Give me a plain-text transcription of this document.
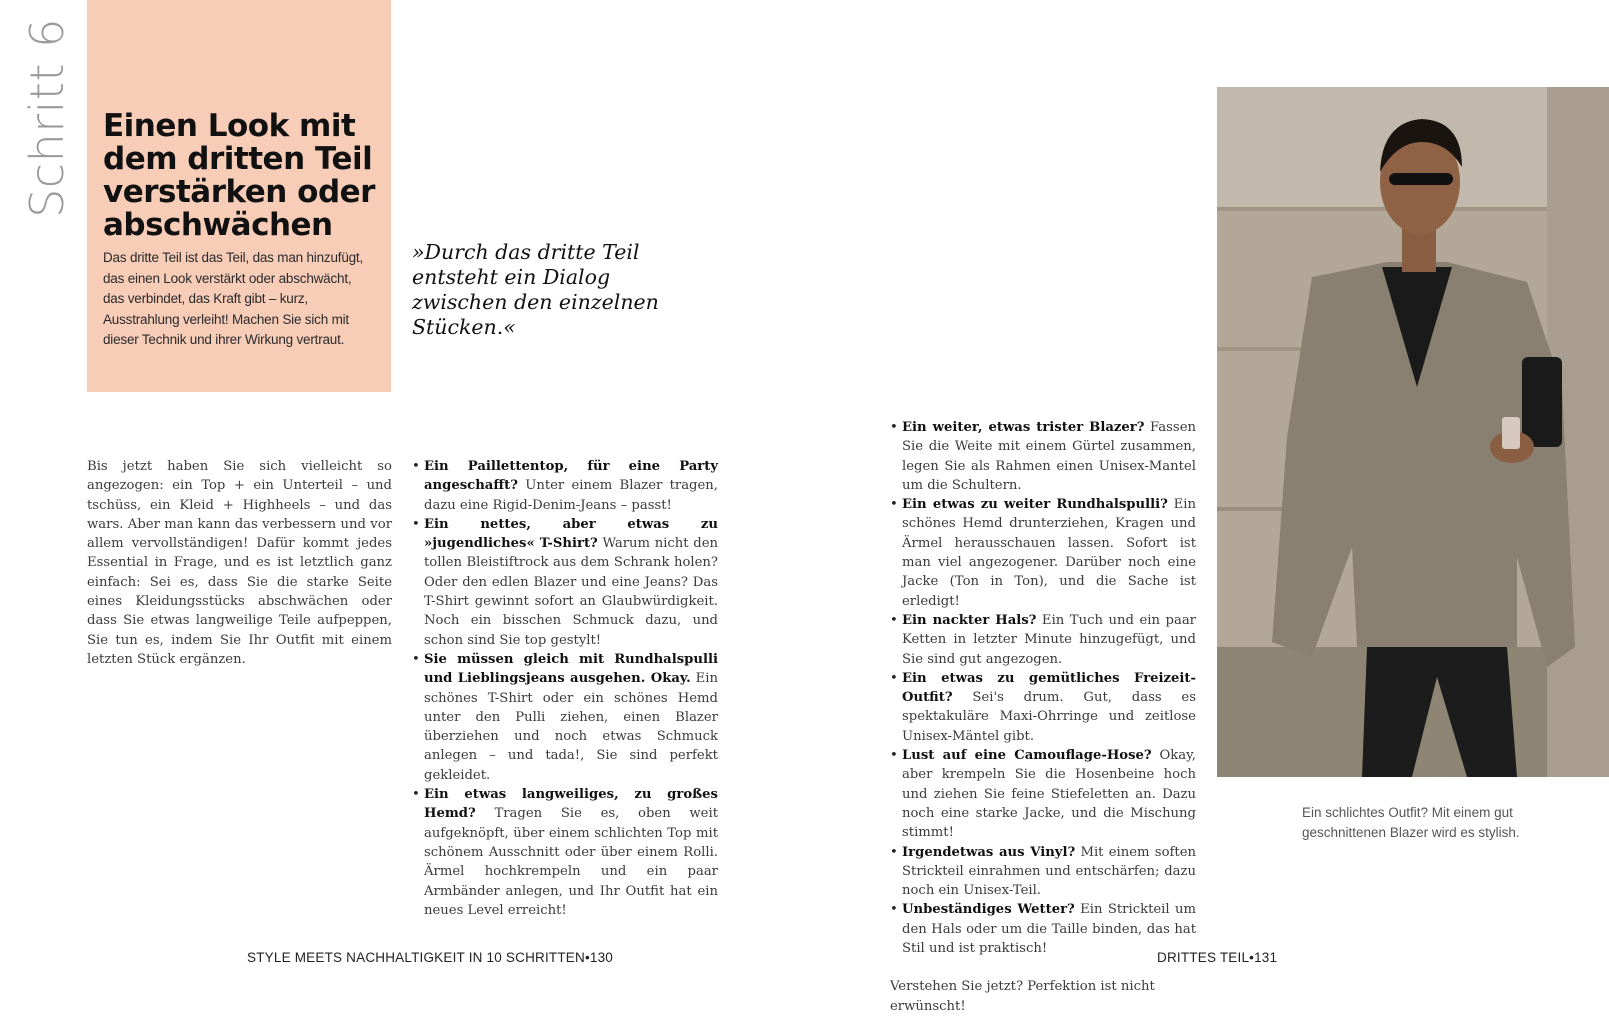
Schritt 6 Einen Look mit dem dritten Teil verstärken oder abschwächen

Das dritte Teil ist das Teil, das man hinzufügt, das einen Look verstärkt oder abschwächt, das verbindet, das Kraft gibt – kurz, Ausstrahlung verleiht! Machen Sie sich mit dieser Technik und ihrer Wirkung vertraut.

»Durch das dritte Teil entsteht ein Dialog zwischen den einzelnen Stücken.«

Bis jetzt haben Sie sich vielleicht so angezogen: ein Top + ein Unterteil – und tschüss, ein Kleid + Highheels – und das wars. Aber man kann das verbessern und vor allem vervollständigen! Dafür kommt jedes Essential in Frage, und es ist letztlich ganz einfach: Sei es, dass Sie die starke Seite eines Kleidungsstücks abschwächen oder dass Sie etwas langweilige Teile aufpeppen, Sie tun es, indem Sie Ihr Outfit mit einem letzten Stück ergänzen.

• Ein Paillettentop, für eine Party angeschafft? Unter einem Blazer tragen, dazu eine Rigid-Denim-Jeans – passt!
• Ein nettes, aber etwas zu »jugendliches« T-Shirt? Warum nicht den tollen Bleistiftrock aus dem Schrank holen? Oder den edlen Blazer und eine Jeans? Das T-Shirt gewinnt sofort an Glaubwürdigkeit. Noch ein bisschen Schmuck dazu, und schon sind Sie top gestylt!
• Sie müssen gleich mit Rundhalspulli und Lieblingsjeans ausgehen. Okay. Ein schönes T-Shirt oder ein schönes Hemd unter den Pulli ziehen, einen Blazer überziehen und noch etwas Schmuck anlegen – und tada!, Sie sind perfekt gekleidet.
• Ein etwas langweiliges, zu großes Hemd? Tragen Sie es, oben weit aufgeknöpft, über einem schlichten Top mit schönem Ausschnitt oder über einem Rolli. Ärmel hochkrempeln und ein paar Armbänder anlegen, und Ihr Outfit hat ein neues Level erreicht!
• Ein weiter, etwas trister Blazer? Fassen Sie die Weite mit einem Gürtel zusammen, legen Sie als Rahmen einen Unisex-Mantel um die Schultern.
• Ein etwas zu weiter Rundhalspulli? Ein schönes Hemd drunterziehen, Kragen und Ärmel herausschauen lassen. Sofort ist man viel angezogener. Darüber noch eine Jacke (Ton in Ton), und die Sache ist erledigt!
• Ein nackter Hals? Ein Tuch und ein paar Ketten in letzter Minute hinzugefügt, und Sie sind gut angezogen.
• Ein etwas zu gemütliches Freizeit-Outfit? Sei's drum. Gut, dass es spektakuläre Maxi-Ohrringe und zeitlose Unisex-Mäntel gibt.
• Lust auf eine Camouflage-Hose? Okay, aber krempeln Sie die Hosenbeine hoch und ziehen Sie feine Stiefeletten an. Dazu noch eine starke Jacke, und die Mischung stimmt!
• Irgendetwas aus Vinyl? Mit einem soften Strickteil einrahmen und entschärfen; dazu noch ein Unisex-Teil.
• Unbeständiges Wetter? Ein Strickteil um den Hals oder um die Taille binden, das hat Stil und ist praktisch!

Verstehen Sie jetzt? Perfektion ist nicht erwünscht!

Ein schlichtes Outfit? Mit einem gut geschnittenen Blazer wird es stylish.
STYLE MEETS NACHHALTIGKEIT IN 10 SCHRITTEN•130	DRITTES TEIL•131
